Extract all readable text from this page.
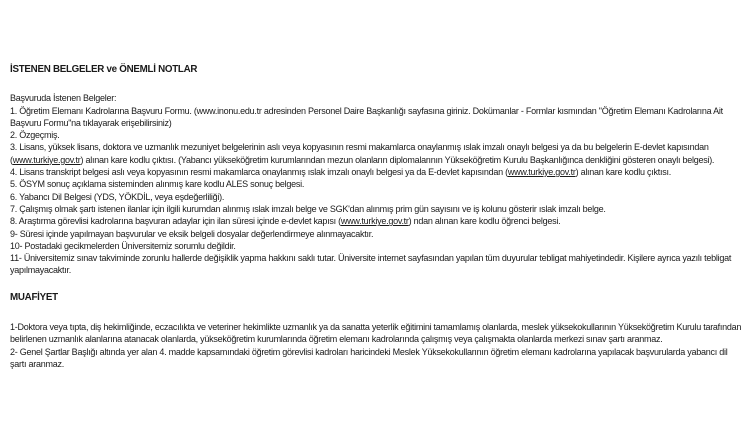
İSTENEN BELGELER ve ÖNEMLİ NOTLAR
Başvuruda İstenen Belgeler:
1. Öğretim Elemanı Kadrolarına Başvuru Formu. (www.inonu.edu.tr adresinden Personel Daire Başkanlığı sayfasına giriniz. Dokümanlar - Formlar kısmından "Öğretim Elemanı Kadrolarına Ait Başvuru Formu"na tıklayarak erişebilirsiniz)
2. Özgeçmiş.
3. Lisans, yüksek lisans, doktora ve uzmanlık mezuniyet belgelerinin aslı veya kopyasının resmi makamlarca onaylanmış ıslak imzalı onaylı belgesi ya da bu belgelerin E-devlet kapısından (www.turkiye.gov.tr) alınan kare kodlu çıktısı. (Yabancı yükseköğretim kurumlarından mezun olanların diplomalarının Yükseköğretim Kurulu Başkanlığınca denkliğini gösteren onaylı belgesi).
4. Lisans transkript belgesi aslı veya kopyasının resmi makamlarca onaylanmış ıslak imzalı onaylı belgesi ya da E-devlet kapısından (www.turkiye.gov.tr) alınan kare kodlu çıktısı.
5. ÖSYM sonuç açıklama sisteminden alınmış kare kodlu ALES sonuç belgesi.
6. Yabancı Dil Belgesi (YDS, YÖKDİL, veya eşdeğerliliği).
7. Çalışmış olmak şartı istenen ilanlar için ilgili kurumdan alınmış ıslak imzalı belge ve SGK'dan alınmış prim gün sayısını ve iş kolunu gösterir ıslak imzalı belge.
8. Araştırma görevlisi kadrolarına başvuran adaylar için ilan süresi içinde e-devlet kapısı (www.turkiye.gov.tr) ndan alınan kare kodlu öğrenci belgesi.
9- Süresi içinde yapılmayan başvurular ve eksik belgeli dosyalar değerlendirmeye alınmayacaktır.
10- Postadaki gecikmelerden Üniversitemiz sorumlu değildir.
11- Üniversitemiz sınav takviminde zorunlu hallerde değişiklik yapma hakkını saklı tutar. Üniversite internet sayfasından yapılan tüm duyurular tebligat mahiyetindedir. Kişilere ayrıca yazılı tebligat yapılmayacaktır.
MUAFİYET
1-Doktora veya tıpta, diş hekimliğinde, eczacılıkta ve veteriner hekimlikte uzmanlık ya da sanatta yeterlik eğitimini tamamlamış olanlarda, meslek yüksekokullarının Yükseköğretim Kurulu tarafından belirlenen uzmanlık alanlarına atanacak olanlarda, yükseköğretim kurumlarında öğretim elemanı kadrolarında çalışmış veya çalışmakta olanlarda merkezi sınav şartı aranmaz.
2- Genel Şartlar Başlığı altında yer alan 4. madde kapsamındaki öğretim görevlisi kadroları haricindeki Meslek Yüksekokullarının öğretim elemanı kadrolarına yapılacak başvurularda yabancı dil şartı aranmaz.
